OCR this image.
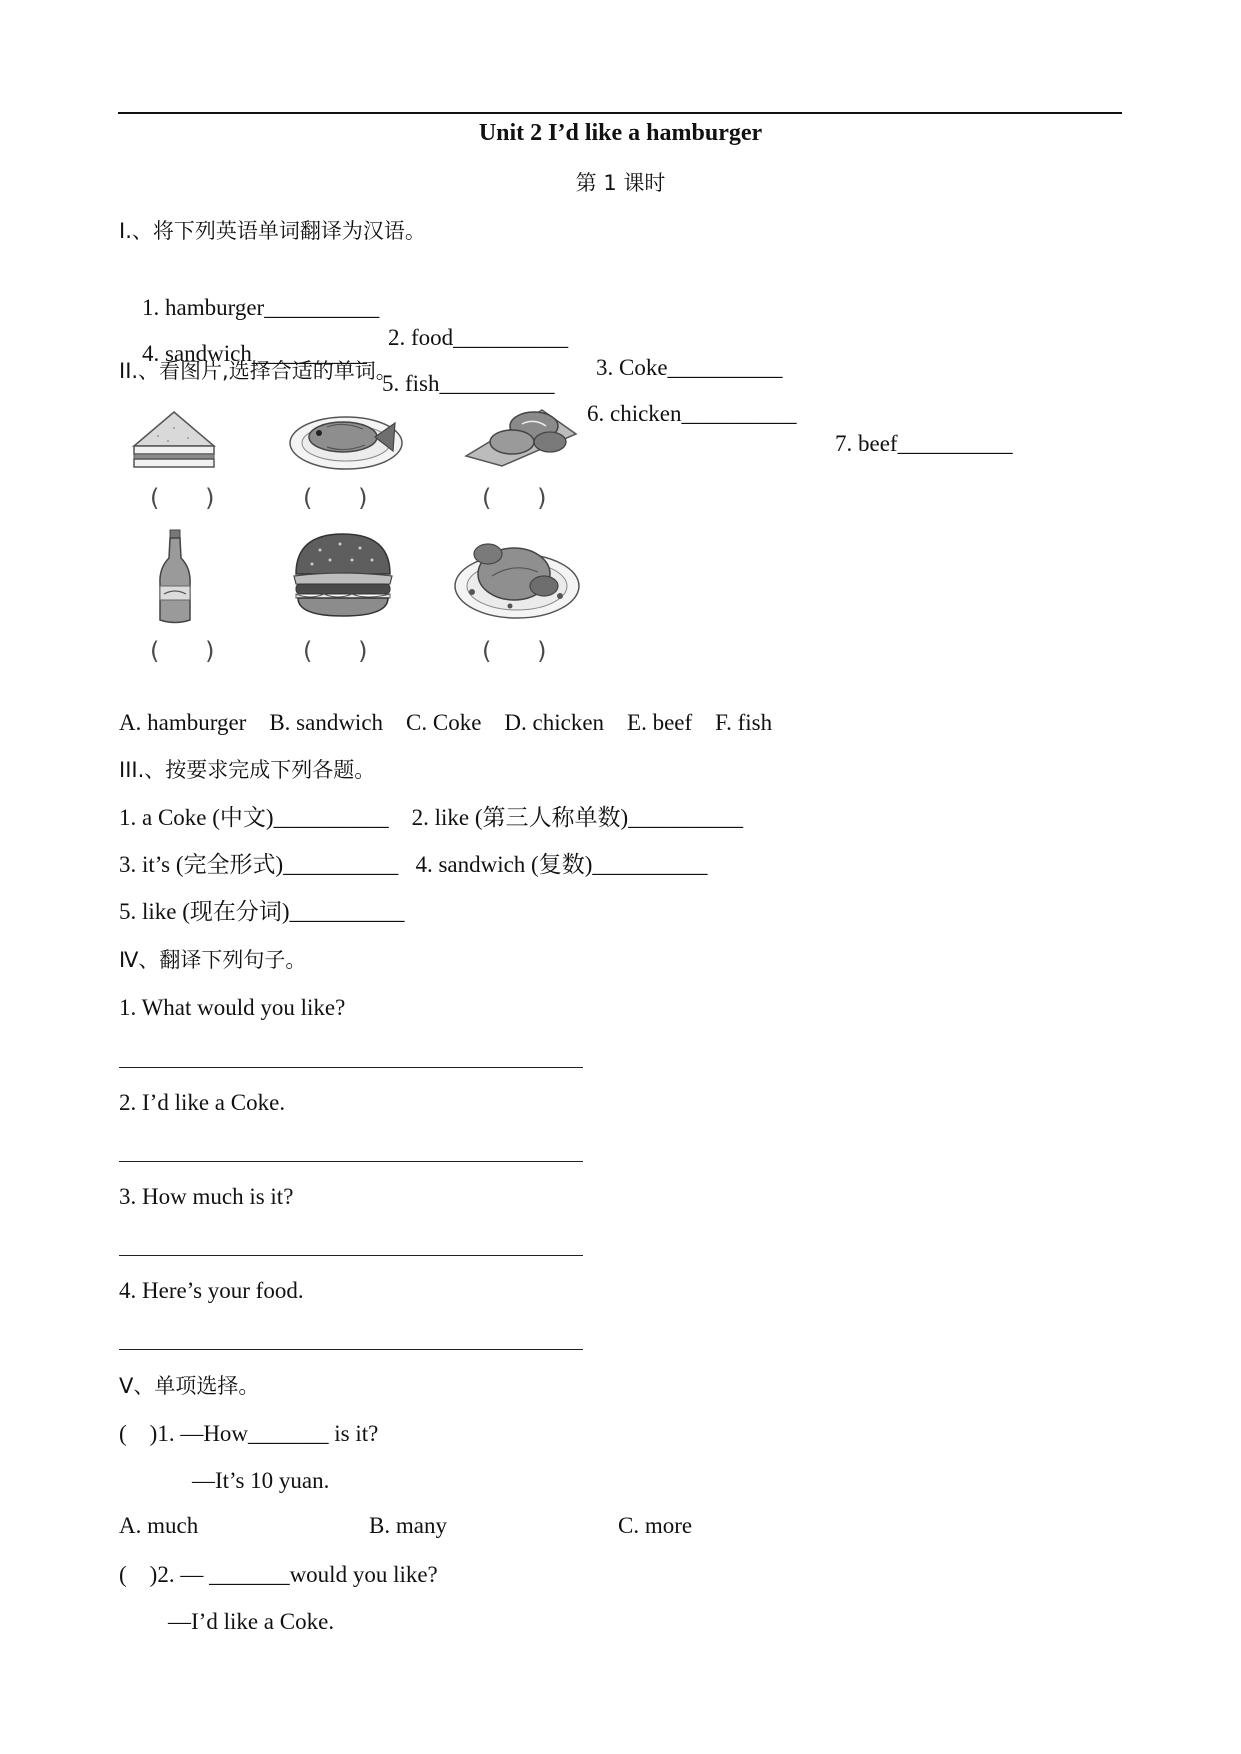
Unit 2 I’d like a hamburger
第 1 课时
I.、将下列英语单词翻译为汉语。

1. hamburger__________

2. food__________

3. Coke__________

4. sandwich__________

5. fish__________

6. chicken__________

7. beef__________

II.、看图片,选择合适的单词。
(      )	(      )	(      )
(      )	(      )	(      )
A. hamburger    B. sandwich    C. Coke    D. chicken    E. beef    F. fish
III.、按要求完成下列各题。
1. a Coke (中文)__________    2. like (第三人称单数)__________
3. it’s (完全形式)__________   4. sandwich (复数)__________
5. like (现在分词)__________
Ⅳ、翻译下列句子。
1. What would you like?
2. I’d like a Coke.
3. How much is it?
4. Here’s your food.
Ⅴ、单项选择。
(    )1. —How_______ is it?
—It’s 10 yuan.
A. much	B. many	C. more
(    )2. — _______would you like?
—I’d like a Coke.
